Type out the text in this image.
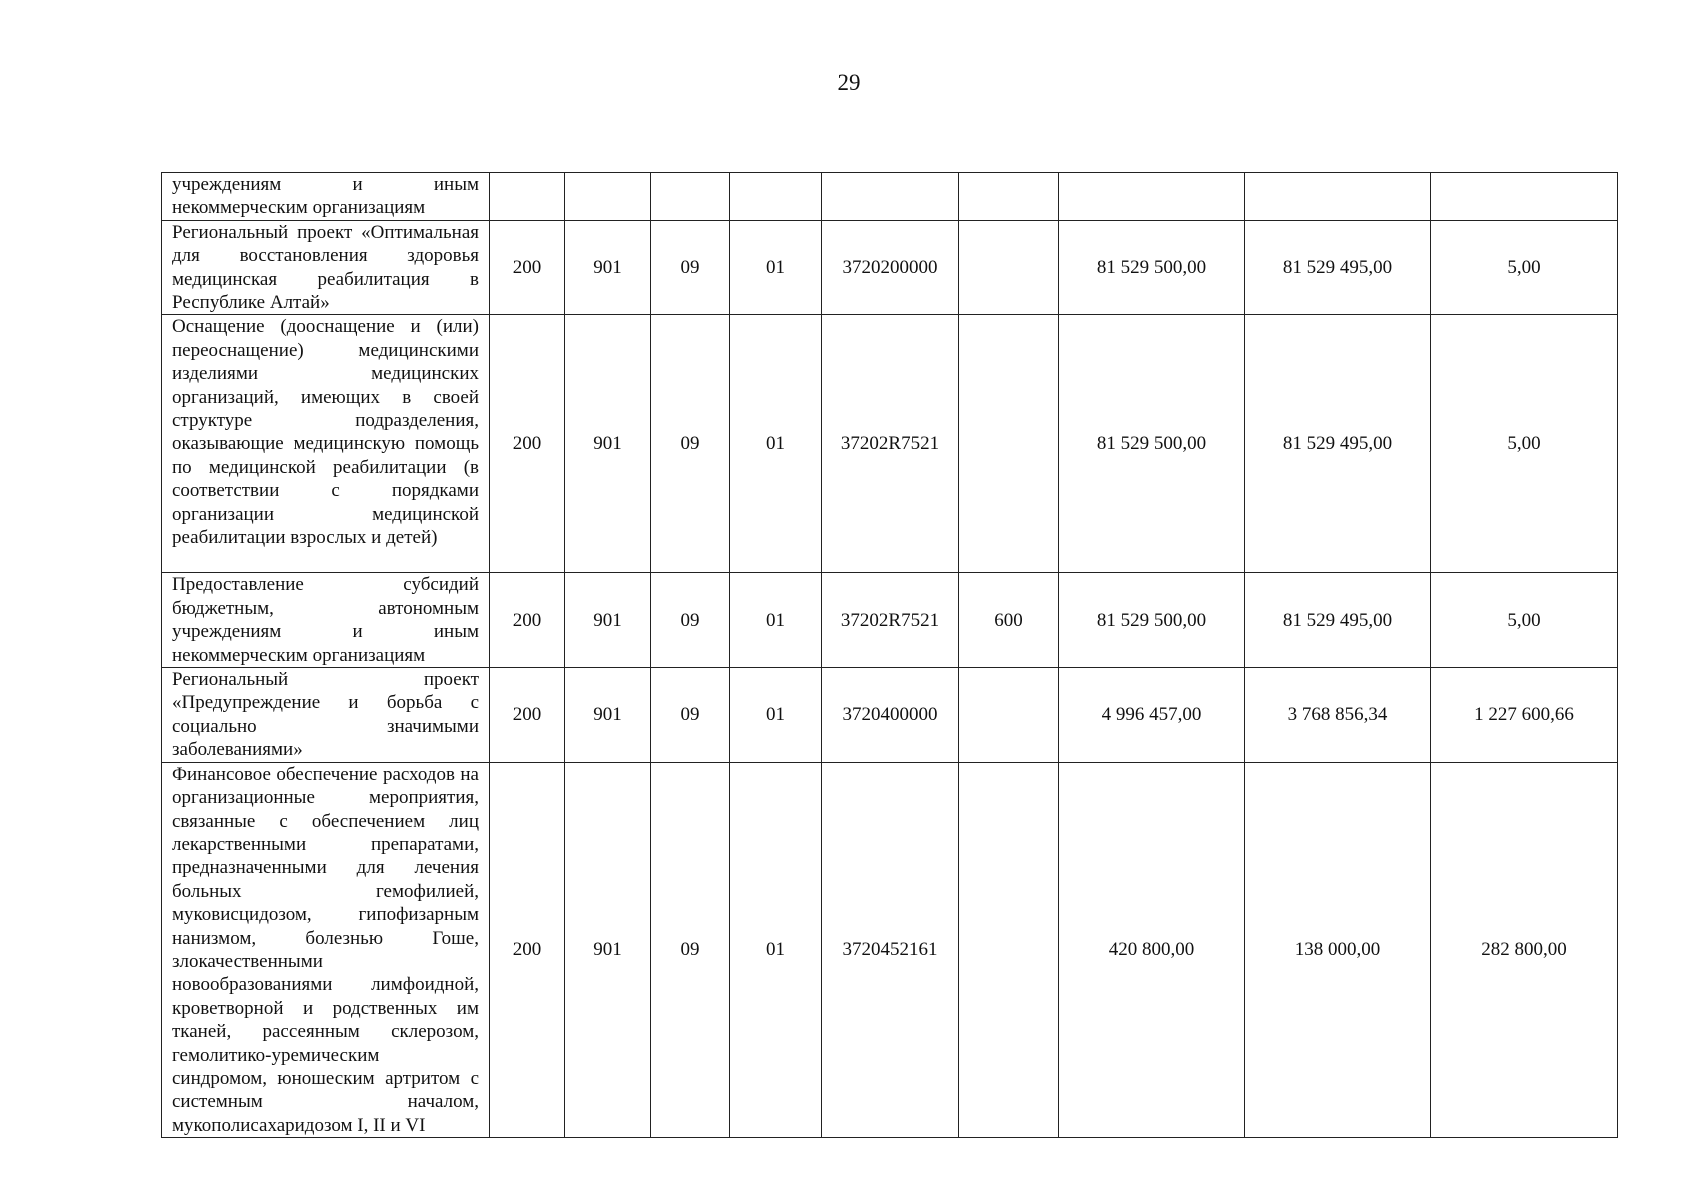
29
учреждениям и иным некоммерческим организациям									

Региональный проект «Оптимальная для восстановления здоровья медицинская реабилитация в Республике Алтай»	200	901	09	01	3720200000		81 529 500,00	81 529 495,00	5,00

Оснащение (дооснащение и (или) переоснащение) медицинскими изделиями медицинских организаций, имеющих в своей структуре подразделения, оказывающие медицинскую помощь по медицинской реабилитации (в соответствии с порядками организации медицинской реабилитации взрослых и детей)	200	901	09	01	37202R7521		81 529 500,00	81 529 495,00	5,00

Предоставление субсидий бюджетным, автономным учреждениям и иным некоммерческим организациям	200	901	09	01	37202R7521	600	81 529 500,00	81 529 495,00	5,00

Региональный проект «Предупреждение и борьба с социально значимыми заболеваниями»	200	901	09	01	3720400000		4 996 457,00	3 768 856,34	1 227 600,66

Финансовое обеспечение расходов на организационные мероприятия, связанные с обеспечением лиц лекарственными препаратами, предназначенными для лечения больных гемофилией, муковисцидозом, гипофизарным нанизмом, болезнью Гоше, злокачественными новообразованиями лимфоидной, кроветворной и родственных им тканей, рассеянным склерозом, гемолитико-уремическим синдромом, юношеским артритом с системным началом, мукополисахаридозом I, II и VI	200	901	09	01	3720452161		420 800,00	138 000,00	282 800,00
